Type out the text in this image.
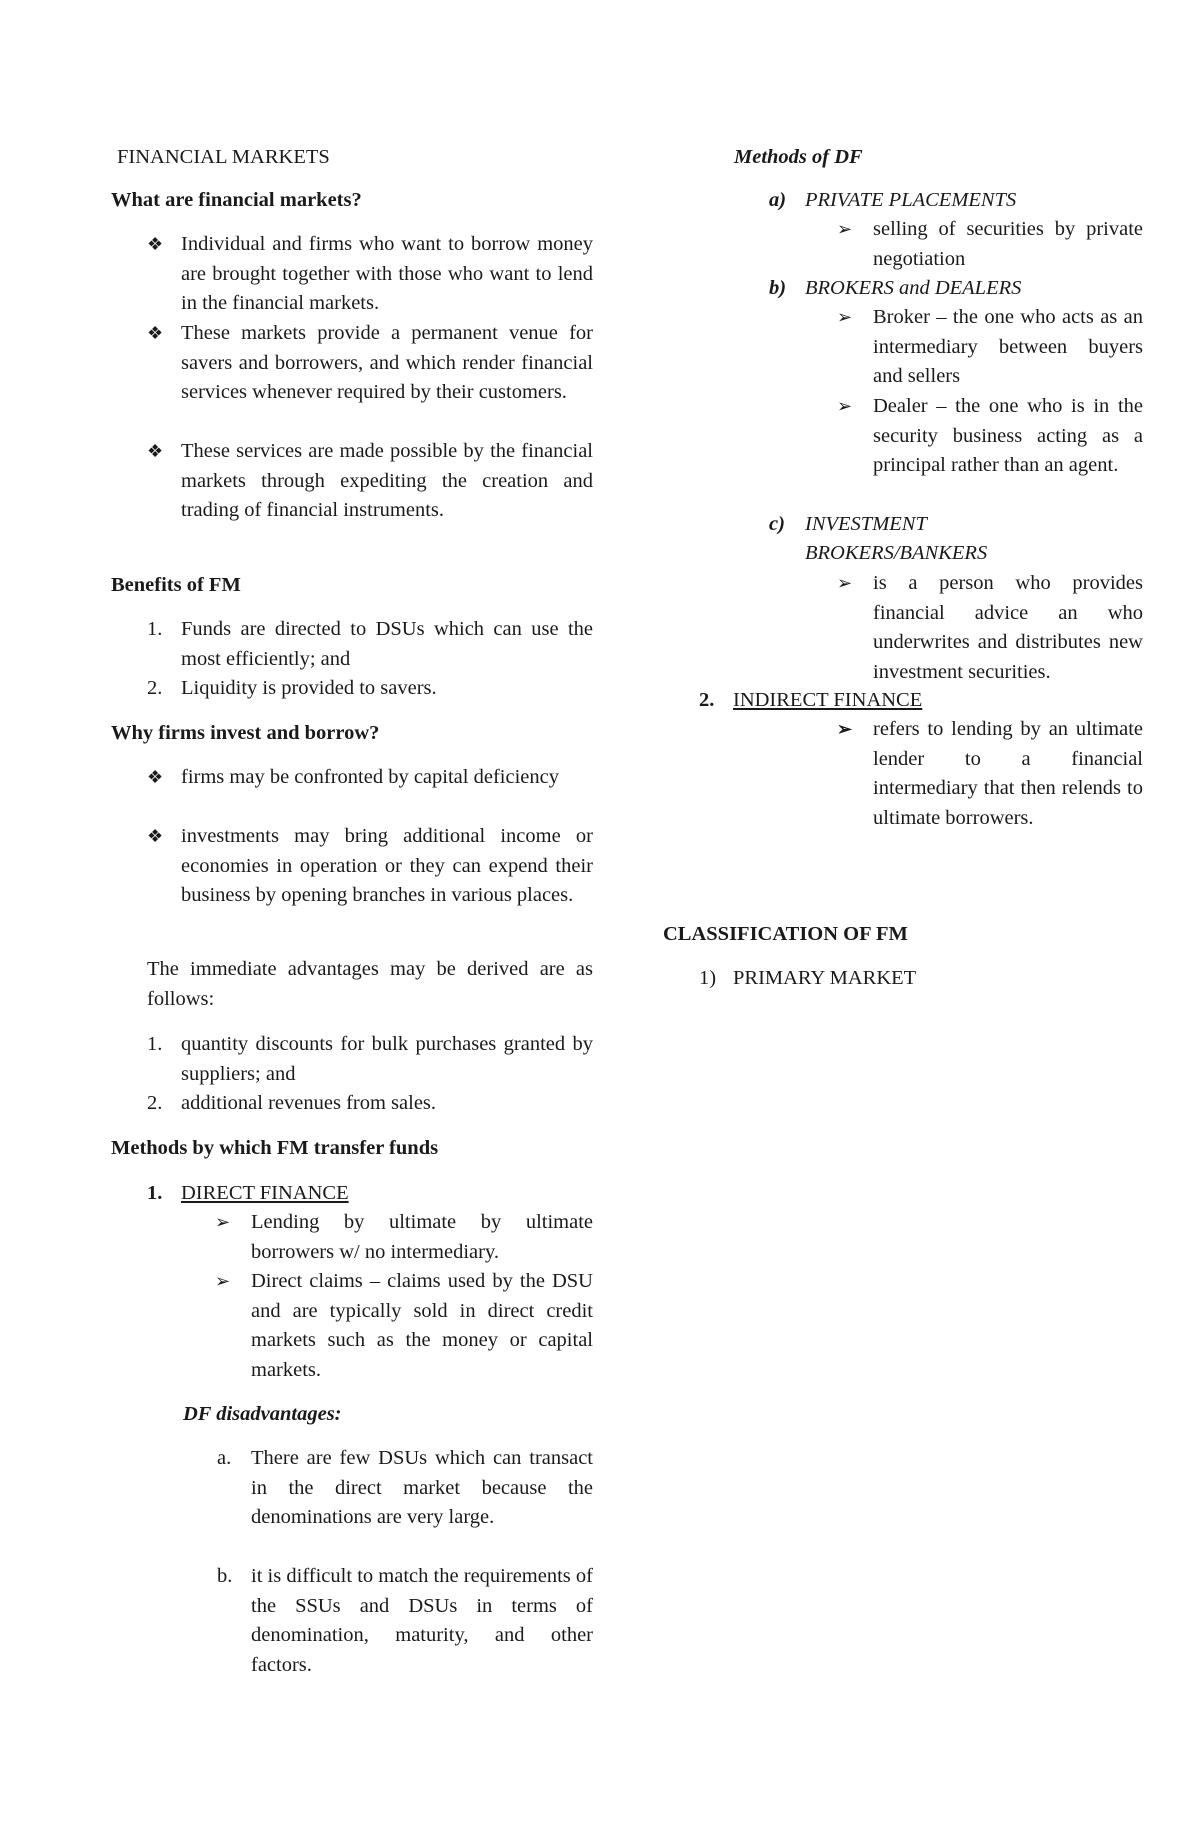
FINANCIAL MARKETS
What are financial markets?
❖
Individual and firms who want to borrow money are brought together with those who want to lend in the financial markets.
❖
These markets provide a permanent venue for savers and borrowers, and which render financial services whenever required by their customers.
❖
These services are made possible by the financial markets through expediting the creation and trading of financial instruments.
Benefits of FM
1. Funds are directed to DSUs which can use the most efficiently; and
2. Liquidity is provided to savers.
Why firms invest and borrow?
❖
firms may be confronted by capital deficiency
❖
investments may bring additional income or economies in operation or they can expend their business by opening branches in various places.
The immediate advantages may be derived are as follows:
1. quantity discounts for bulk purchases granted by suppliers; and
2. additional revenues from sales.
Methods by which FM transfer funds
1. DIRECT FINANCE
➢
Lending by ultimate by ultimate borrowers w/ no intermediary.
➢
Direct claims – claims used by the DSU and are typically sold in direct credit markets such as the money or capital markets.
DF disadvantages:
a. There are few DSUs which can transact in the direct market because the denominations are very large.
b. it is difficult to match the requirements of the SSUs and DSUs in terms of denomination, maturity, and other factors.
Methods of DF
a) PRIVATE PLACEMENTS
➢
selling of securities by private negotiation
b) BROKERS and DEALERS
➢
Broker – the one who acts as an intermediary between buyers and sellers
➢
Dealer – the one who is in the security business acting as a principal rather than an agent.
c) INVESTMENT
BROKERS/BANKERS
➢
is a person who provides financial advice an who underwrites and distributes new investment securities.
2. INDIRECT FINANCE
➢
refers to lending by an ultimate lender to a financial intermediary that then relends to ultimate borrowers.
CLASSIFICATION OF FM
1) PRIMARY MARKET
